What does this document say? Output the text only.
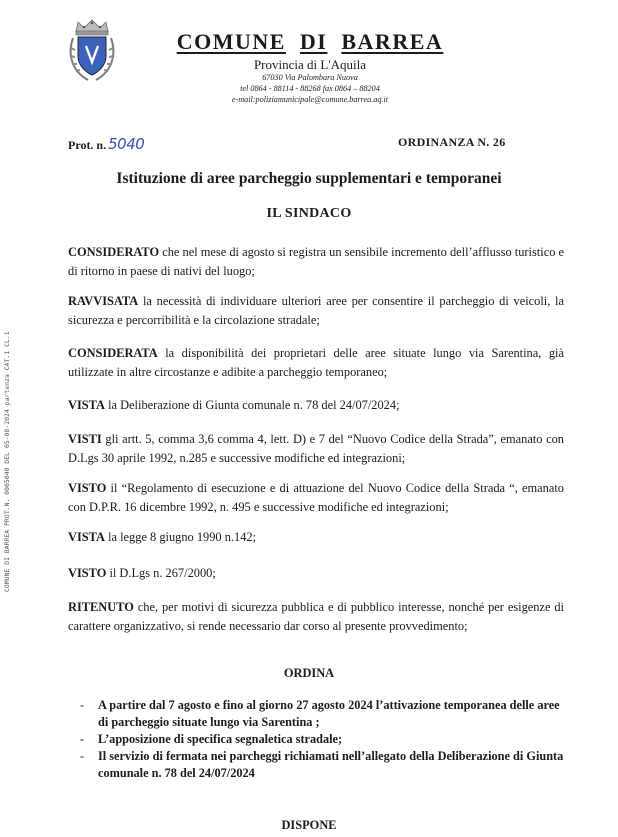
COMUNE DI BARREA PROT.N. 0005040 DEL 05-08-2024 partenza CAT.1 CL.1
COMUNE DI BARREA
Provincia di L'Aquila
67030 Via Palombara Nuova
tel 0864 - 88114 - 88268 fax 0864 – 88204
e-mail:poliziamunicipale@comune.barrea.aq.it
Prot. n. 5040	ORDINANZA N. 26
Istituzione di aree parcheggio supplementari e temporanei
IL SINDACO
CONSIDERATO che nel mese di agosto si registra un sensibile incremento dell’afflusso turistico e di ritorno in paese di nativi del luogo;
RAVVISATA la necessità di individuare ulteriori aree per consentire il parcheggio di veicoli, la sicurezza e percorribilità e la circolazione stradale;
CONSIDERATA la disponibilità dei proprietari delle aree situate lungo via Sarentina, già utilizzate in altre circostanze e adibite a parcheggio temporaneo;
VISTA la Deliberazione di Giunta comunale n. 78 del 24/07/2024;
VISTI gli artt. 5, comma 3,6 comma 4, lett. D) e 7 del “Nuovo Codice della Strada”, emanato con D.Lgs 30 aprile 1992, n.285 e successive modifiche ed integrazioni;
VISTO il “Regolamento di esecuzione e di attuazione del Nuovo Codice della Strada “, emanato con D.P.R. 16 dicembre 1992, n. 495 e successive modifiche ed integrazioni;
VISTA la legge 8 giugno 1990 n.142;
VISTO il D.Lgs n. 267/2000;
RITENUTO che, per motivi di sicurezza pubblica e di pubblico interesse, nonché per esigenze di carattere organizzativo, si rende necessario dar corso al presente provvedimento;
ORDINA
- A partire dal 7 agosto e fino al giorno 27 agosto 2024 l’attivazione temporanea delle aree di parcheggio situate lungo via Sarentina ;
- L’apposizione di specifica segnaletica stradale;
- Il servizio di fermata nei parcheggi richiamati nell’allegato della Deliberazione di Giunta comunale n. 78 del 24/07/2024
DISPONE
